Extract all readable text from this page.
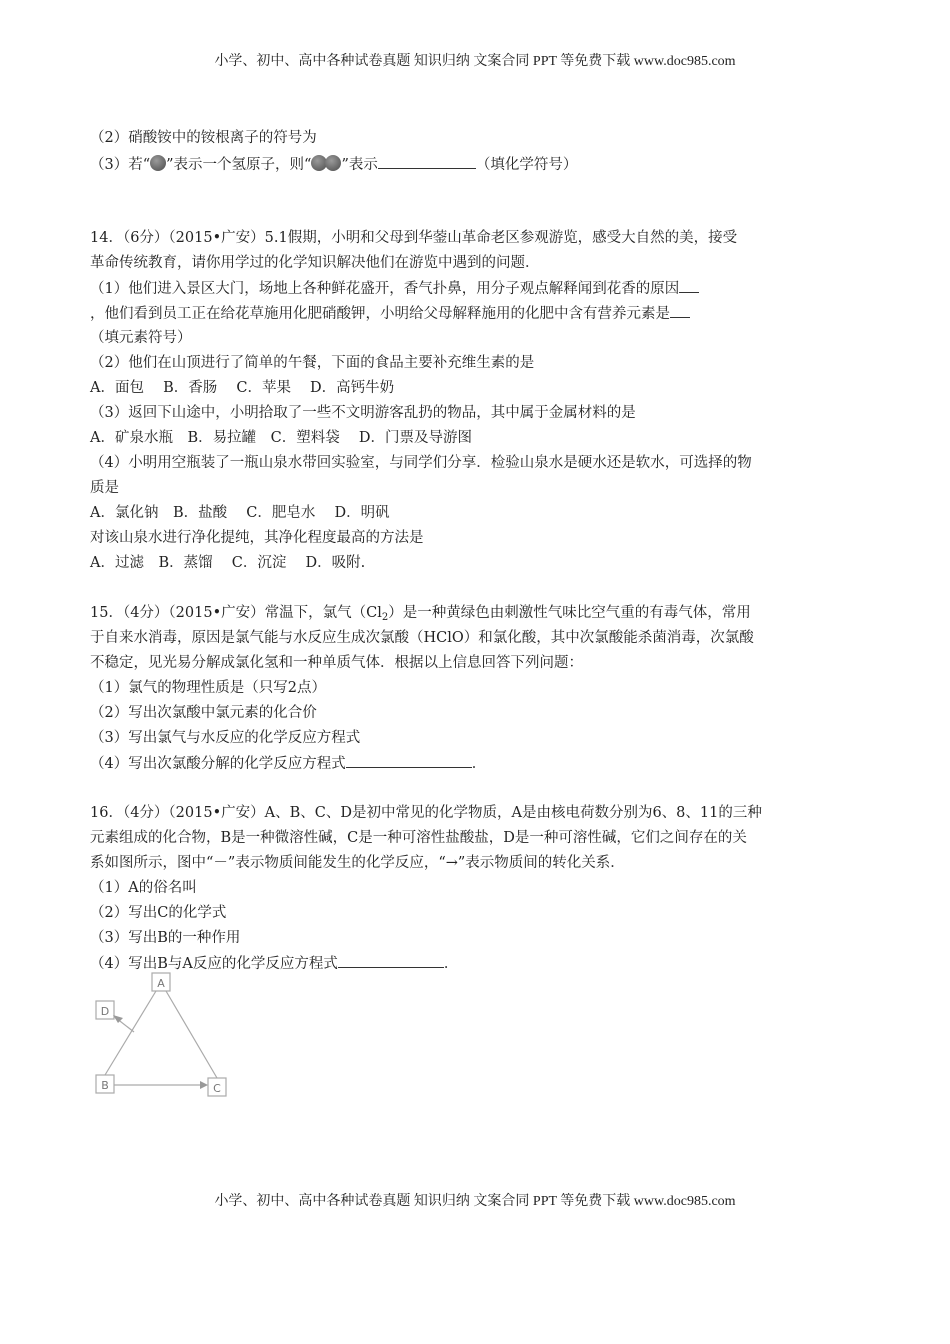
小学、初中、高中各种试卷真题 知识归纳 文案合同 PPT 等免费下载 www.doc985.com
（2）硝酸铵中的铵根离子的符号为
（3）若“ ”表示一个氢原子，则“ ”表示	（填化学符号）
14．（6分）（2015•广安）5.1假期，小明和父母到华蓥山革命老区参观游览，感受大自然的美，接受
革命传统教育，请你用学过的化学知识解决他们在游览中遇到的问题．
（1）他们进入景区大门，场地上各种鲜花盛开，香气扑鼻，用分子观点解释闻到花香的原因
，他们看到员工正在给花草施用化肥硝酸钾，小明给父母解释施用的化肥中含有营养元素是
（填元素符号）
（2）他们在山顶进行了简单的午餐，下面的食品主要补充维生素的是
A．面包　 B．香肠　 C．苹果　 D．高钙牛奶
（3）返回下山途中，小明拾取了一些不文明游客乱扔的物品，其中属于金属材料的是
A．矿泉水瓶　B．易拉罐　C．塑料袋　 D．门票及导游图
（4）小明用空瓶装了一瓶山泉水带回实验室，与同学们分享．检验山泉水是硬水还是软水，可选择的物
质是
A．氯化钠　B．盐酸　 C．肥皂水　 D．明矾
对该山泉水进行净化提纯，其净化程度最高的方法是
A．过滤　B．蒸馏　 C．沉淀　 D．吸附.
15．（4分）（2015•广安）常温下，氯气$(Cl_2)$是一种黄绿色由刺激性气味比空气重的有毒气体，常用
于自来水消毒，原因是氯气能与水反应生成次氯酸（HClO）和氯化酸，其中次氯酸能杀菌消毒，次氯酸
不稳定，见光易分解成氯化氢和一种单质气体．根据以上信息回答下列问题：
（1）氯气的物理性质是（只写2点）
（2）写出次氯酸中氯元素的化合价
（3）写出氯气与水反应的化学反应方程式
（4）写出次氯酸分解的化学反应方程式	．
16．（4分）（2015•广安）A、B、C、D是初中常见的化学物质，A是由核电荷数分别为6、8、11的三种
元素组成的化合物，B是一种微溶性碱，C是一种可溶性盐酸盐，D是一种可溶性碱，它们之间存在的关
系如图所示，图中“－”表示物质间能发生的化学反应，“→”表示物质间的转化关系．
（1）A的俗名叫
（2）写出C的化学式
（3）写出B的一种作用
（4）写出B与A反应的化学反应方程式	．
A
D
B	C
小学、初中、高中各种试卷真题 知识归纳 文案合同 PPT 等免费下载 www.doc985.com
